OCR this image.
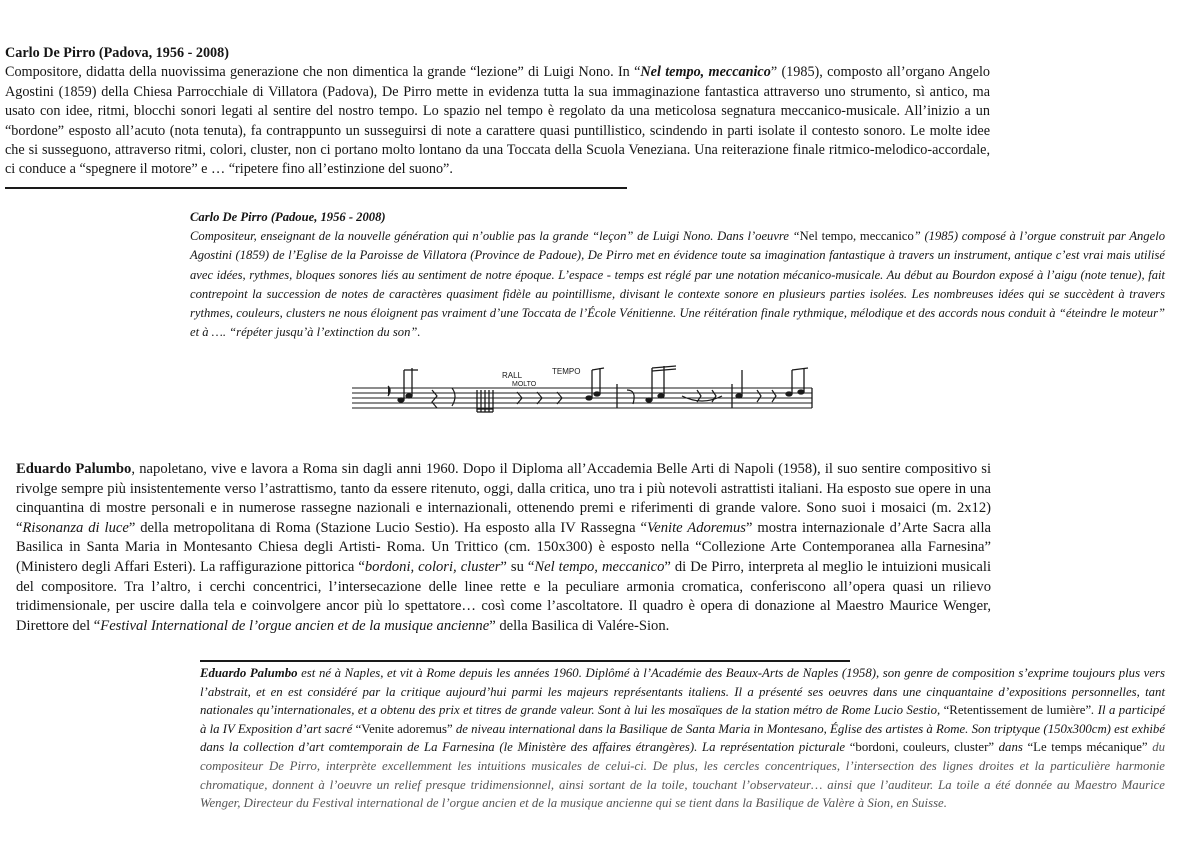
Carlo De Pirro (Padova, 1956 - 2008)
Compositore, didatta della nuovissima generazione che non dimentica la grande “lezione” di Luigi Nono. In “Nel tempo, meccanico” (1985), composto all’organo Angelo Agostini (1859) della Chiesa Parrocchiale di Villatora (Padova), De Pirro mette in evidenza tutta la sua immaginazione fantastica attraverso uno strumento, sì antico, ma usato con idee, ritmi, blocchi sonori legati al sentire del nostro tempo. Lo spazio nel tempo è regolato da una meticolosa segnatura meccanico-musicale. All’inizio a un “bordone” esposto all’acuto (nota tenuta), fa contrappunto un susseguirsi di note a carattere quasi puntillistico, scindendo in parti isolate il contesto sonoro. Le molte idee che si susseguono, attraverso ritmi, colori, cluster, non ci portano molto lontano da una Toccata della Scuola Veneziana. Una reiterazione finale ritmico-melodico-accordale, ci conduce a “spegnere il motore” e … “ripetere fino all’estinzione del suono”.

Carlo De Pirro (Padoue, 1956 - 2008)
Compositeur, enseignant de la nouvelle génération qui n’oublie pas la grande “leçon” de Luigi Nono. Dans l’oeuvre “Nel tempo, meccanico” (1985) composé à l’orgue construit par Angelo Agostini (1859) de l’Eglise de la Paroisse de Villatora (Province de Padoue), De Pirro met en évidence toute sa imagination fantastique à travers un instrument, antique c’est vrai mais utilisé avec idées, rythmes, bloques sonores liés au sentiment de notre époque. L’espace - temps est réglé par une notation mécanico-musicale. Au début au Bourdon exposé à l’aigu (note tenue), fait contrepoint la succession de notes de caractères quasiment fidèle au pointillisme, divisant le contexte sonore en plusieurs parties isolées. Les nombreuses idées qui se succèdent à travers rythmes, couleurs, clusters ne nous éloignent pas vraiment d’une Toccata de l’École Vénitienne. Une réitération finale rythmique, mélodique et des accords nous conduit à “éteindre le moteur” et à …. “répéter jusqu’à l’extinction du son”.

RALL
MOLTO
TEMPO

Eduardo Palumbo, napoletano, vive e lavora a Roma sin dagli anni 1960. Dopo il Diploma all’Accademia Belle Arti di Napoli (1958), il suo sentire compositivo si rivolge sempre più insistentemente verso l’astrattismo, tanto da essere ritenuto, oggi, dalla critica, uno tra i più notevoli astrattisti italiani. Ha esposto sue opere in una cinquantina di mostre personali e in numerose rassegne nazionali e internazionali, ottenendo premi e riferimenti di grande valore. Sono suoi i mosaici (m. 2x12) “Risonanza di luce” della metropolitana di Roma (Stazione Lucio Sestio). Ha esposto alla IV Rassegna “Venite Adoremus” mostra internazionale d’Arte Sacra alla Basilica in Santa Maria in Montesanto Chiesa degli Artisti- Roma. Un Trittico (cm. 150x300) è esposto nella “Collezione Arte Contemporanea alla Farnesina” (Ministero degli Affari Esteri). La raffigurazione pittorica “bordoni, colori, cluster” su “Nel tempo, meccanico” di De Pirro, interpreta al meglio le intuizioni musicali del compositore. Tra l’altro, i cerchi concentrici, l’intersecazione delle linee rette e la peculiare armonia cromatica, conferiscono all’opera quasi un rilievo tridimensionale, per uscire dalla tela e coinvolgere ancor più lo spettatore… così come l’ascoltatore. Il quadro è opera di donazione al Maestro Maurice Wenger, Direttore del “Festival International de l’orgue ancien et de la musique ancienne” della Basilica di Valére-Sion.

Eduardo Palumbo est né à Naples, et vit à Rome depuis les années 1960. Diplômé à l’Académie des Beaux-Arts de Naples (1958), son genre de composition s’exprime toujours plus vers l’abstrait, et en est considéré par la critique aujourd’hui parmi les majeurs représentants italiens. Il a présenté ses oeuvres dans une cinquantaine d’expositions personnelles, tant nationales qu’internationales, et a obtenu des prix et titres de grande valeur. Sont à lui les mosaïques de la station métro de Rome Lucio Sestio, “Retentissement de lumière”. Il a participé à la IV Exposition d’art sacré “Venite adoremus” de niveau international dans la Basilique de Santa Maria in Montesano, Église des artistes à Rome. Son triptyque (150x300cm) est exhibé dans la collection d’art comtemporain de La Farnesina (le Ministère des affaires étrangères). La représentation picturale “bordoni, couleurs, cluster” dans “Le temps mécanique” du compositeur De Pirro, interprète excellemment les intuitions musicales de celui-ci. De plus, les cercles concentriques, l’intersection des lignes droites et la particulière harmonie chromatique, donnent à l’oeuvre un relief presque tridimensionnel, ainsi sortant de la toile, touchant l’observateur… ainsi que l’auditeur. La toile a été donnée au Maestro Maurice Wenger, Directeur du Festival international de l’orgue ancien et de la musique ancienne qui se tient dans la Basilique de Valère à Sion, en Suisse.
